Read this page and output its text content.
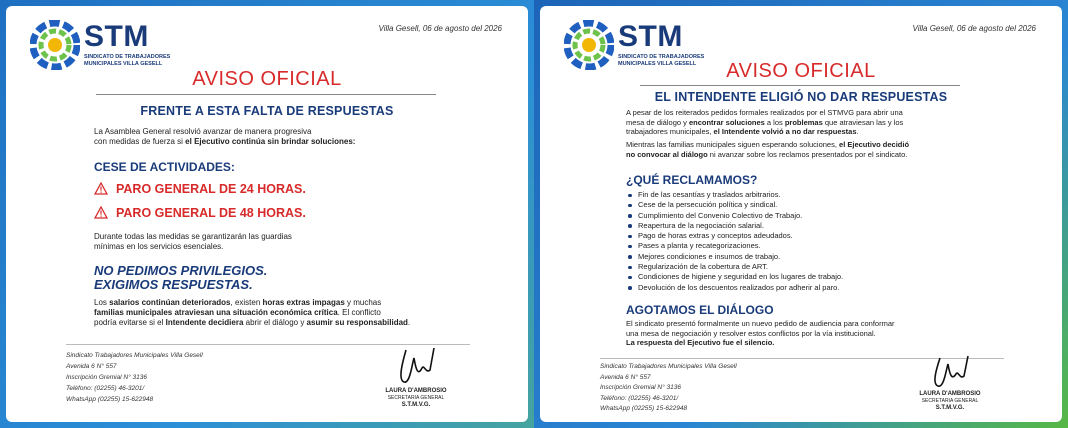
STM
SINDICATO DE TRABAJADORES MUNICIPALES VILLA GESELL
Villa Gesell, 06 de agosto del 2026
AVISO OFICIAL
FRENTE A ESTA FALTA DE RESPUESTAS
La Asamblea General resolvió avanzar de manera progresiva
con medidas de fuerza si el Ejecutivo continúa sin brindar soluciones:
CESE DE ACTIVIDADES:
PARO GENERAL DE 24 HORAS.
PARO GENERAL DE 48 HORAS.
Durante todas las medidas se garantizarán las guardias
mínimas en los servicios esenciales.
NO PEDIMOS PRIVILEGIOS.
EXIGIMOS RESPUESTAS.
Los salarios continúan deteriorados, existen horas extras impagas y muchas
familias municipales atraviesan una situación económica crítica. El conflicto
podría evitarse si el Intendente decidiera abrir el diálogo y asumir su responsabilidad.
Sindicato Trabajadores Municipales Villa Gesell
Avenida 6 N° 557
Inscripción Gremial N° 3136
Teléfono: (02255) 46-3201/
WhatsApp (02255) 15-622948
LAURA D'AMBROSIO
SECRETARIA GENERAL
S.T.M.V.G.
STM
SINDICATO DE TRABAJADORES MUNICIPALES VILLA GESELL
Villa Gesell, 06 de agosto del 2026
AVISO OFICIAL
EL INTENDENTE ELIGIÓ NO DAR RESPUESTAS
A pesar de los reiterados pedidos formales realizados por el STMVG para abrir una
mesa de diálogo y encontrar soluciones a los problemas que atraviesan las y los
trabajadores municipales, el Intendente volvió a no dar respuestas.
Mientras las familias municipales siguen esperando soluciones, el Ejecutivo decidió
no convocar al diálogo ni avanzar sobre los reclamos presentados por el sindicato.
¿QUÉ RECLAMAMOS?
Fin de las cesantías y traslados arbitrarios.
Cese de la persecución política y sindical.
Cumplimiento del Convenio Colectivo de Trabajo.
Reapertura de la negociación salarial.
Pago de horas extras y conceptos adeudados.
Pases a planta y recategorizaciones.
Mejores condiciones e insumos de trabajo.
Regularización de la cobertura de ART.
Condiciones de higiene y seguridad en los lugares de trabajo.
Devolución de los descuentos realizados por adherir al paro.
AGOTAMOS EL DIÁLOGO
El sindicato presentó formalmente un nuevo pedido de audiencia para conformar
una mesa de negociación y resolver estos conflictos por la vía institucional.
La respuesta del Ejecutivo fue el silencio.
Sindicato Trabajadores Municipales Villa Gesell
Avenida 6 N° 557
Inscripción Gremial N° 3136
Teléfono: (02255) 46-3201/
WhatsApp (02255) 15-622948
LAURA D'AMBROSIO
SECRETARIA GENERAL
S.T.M.V.G.
